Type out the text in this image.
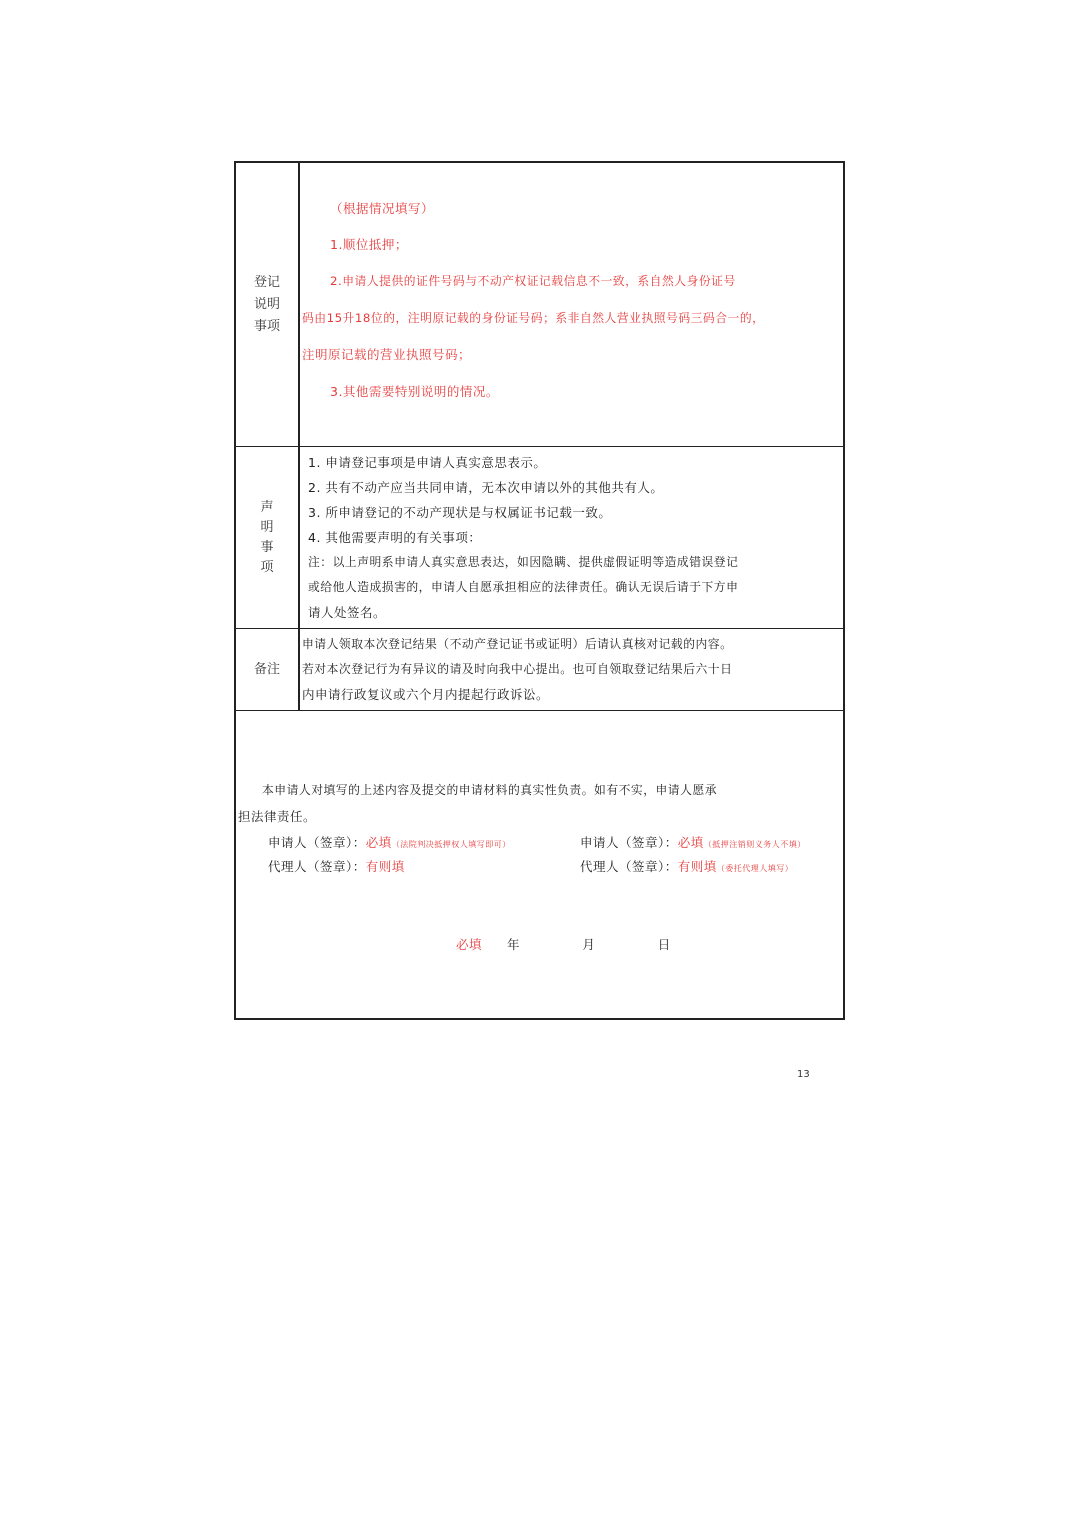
登记
说明
事项
（根据情况填写）
1.顺位抵押；
2.申请人提供的证件号码与不动产权证记载信息不一致，系自然人身份证号
码由15升18位的，注明原记载的身份证号码；系非自然人营业执照号码三码合一的，
注明原记载的营业执照号码；
3.其他需要特别说明的情况。
声
明
事
项
1. 申请登记事项是申请人真实意思表示。
2. 共有不动产应当共同申请，无本次申请以外的其他共有人。
3. 所申请登记的不动产现状是与权属证书记载一致。
4. 其他需要声明的有关事项：
注：以上声明系申请人真实意思表达，如因隐瞒、提供虚假证明等造成错误登记
或给他人造成损害的，申请人自愿承担相应的法律责任。确认无误后请于下方申
请人处签名。
备注
申请人领取本次登记结果（不动产登记证书或证明）后请认真核对记载的内容。
若对本次登记行为有异议的请及时向我中心提出。也可自领取登记结果后六十日
内申请行政复议或六个月内提起行政诉讼。
本申请人对填写的上述内容及提交的申请材料的真实性负责。如有不实，申请人愿承
担法律责任。
申请人（签章）：必填（法院判决抵押权人填写即可）
代理人（签章）：有则填
申请人（签章）：必填（抵押注销则义务人不填）
代理人（签章）：有则填（委托代理人填写）
必填 年	月	日
13
